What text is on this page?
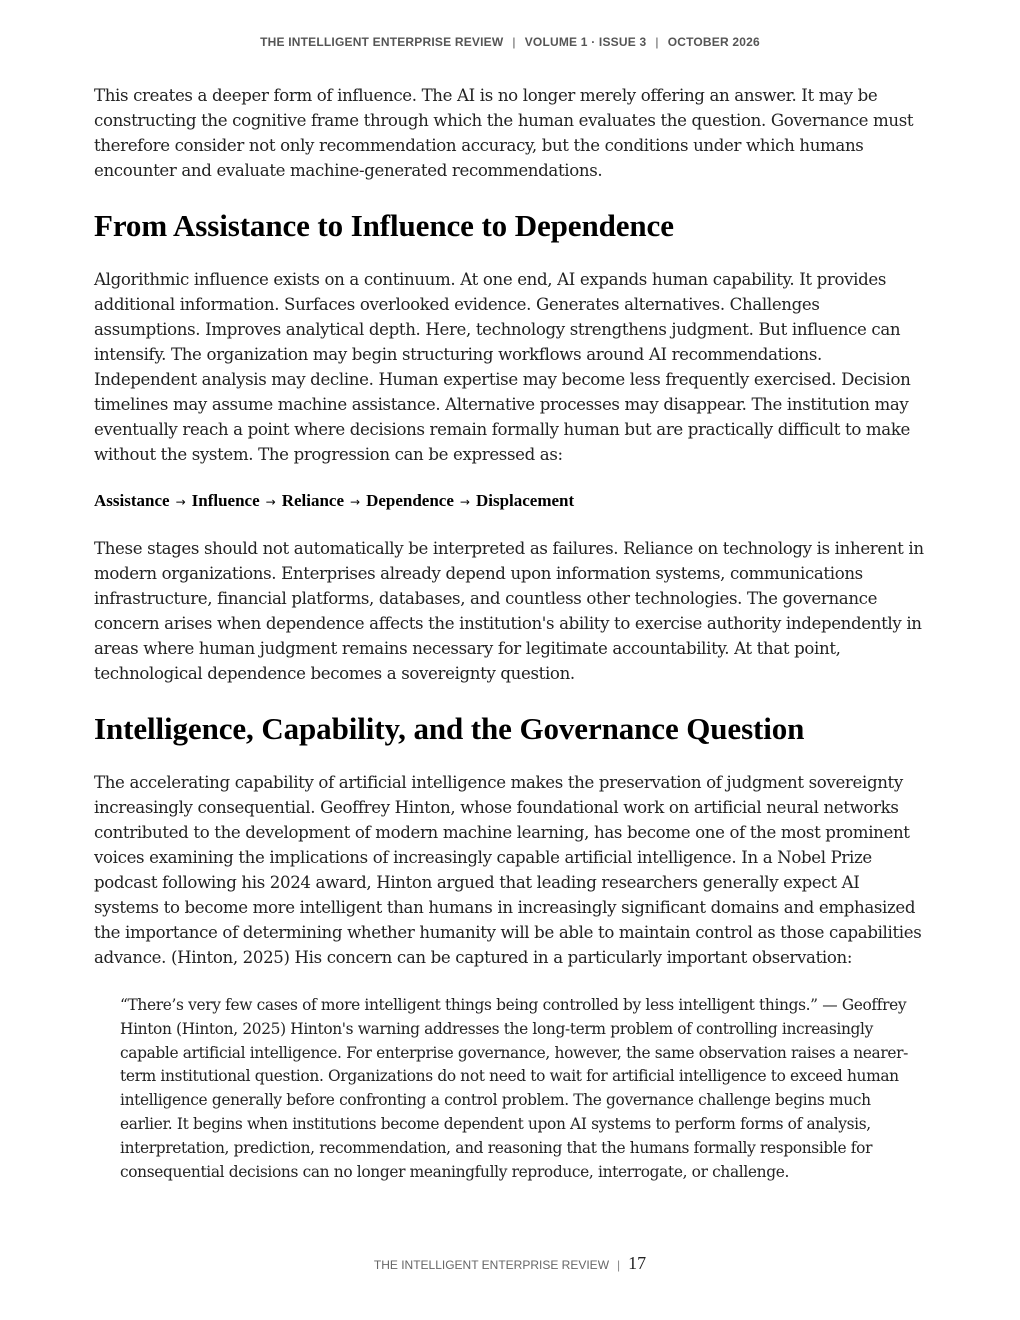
THE INTELLIGENT ENTERPRISE REVIEW | VOLUME 1 · ISSUE 3 | OCTOBER 2026

This creates a deeper form of influence. The AI is no longer merely offering an answer. It may be constructing the cognitive frame through which the human evaluates the question. Governance must therefore consider not only recommendation accuracy, but the conditions under which humans encounter and evaluate machine-generated recommendations.

From Assistance to Influence to Dependence

Algorithmic influence exists on a continuum. At one end, AI expands human capability. It provides additional information. Surfaces overlooked evidence. Generates alternatives. Challenges assumptions. Improves analytical depth. Here, technology strengthens judgment. But influence can intensify. The organization may begin structuring workflows around AI recommendations. Independent analysis may decline. Human expertise may become less frequently exercised. Decision timelines may assume machine assistance. Alternative processes may disappear. The institution may eventually reach a point where decisions remain formally human but are practically difficult to make without the system. The progression can be expressed as:

Assistance → Influence → Reliance → Dependence → Displacement

These stages should not automatically be interpreted as failures. Reliance on technology is inherent in modern organizations. Enterprises already depend upon information systems, communications infrastructure, financial platforms, databases, and countless other technologies. The governance concern arises when dependence affects the institution's ability to exercise authority independently in areas where human judgment remains necessary for legitimate accountability. At that point, technological dependence becomes a sovereignty question.

Intelligence, Capability, and the Governance Question

The accelerating capability of artificial intelligence makes the preservation of judgment sovereignty increasingly consequential. Geoffrey Hinton, whose foundational work on artificial neural networks contributed to the development of modern machine learning, has become one of the most prominent voices examining the implications of increasingly capable artificial intelligence. In a Nobel Prize podcast following his 2024 award, Hinton argued that leading researchers generally expect AI systems to become more intelligent than humans in increasingly significant domains and emphasized the importance of determining whether humanity will be able to maintain control as those capabilities advance. (Hinton, 2025) His concern can be captured in a particularly important observation:

“There’s very few cases of more intelligent things being controlled by less intelligent things.” — Geoffrey Hinton (Hinton, 2025) Hinton's warning addresses the long-term problem of controlling increasingly capable artificial intelligence. For enterprise governance, however, the same observation raises a nearer-term institutional question. Organizations do not need to wait for artificial intelligence to exceed human intelligence generally before confronting a control problem. The governance challenge begins much earlier. It begins when institutions become dependent upon AI systems to perform forms of analysis, interpretation, prediction, recommendation, and reasoning that the humans formally responsible for consequential decisions can no longer meaningfully reproduce, interrogate, or challenge.
THE INTELLIGENT ENTERPRISE REVIEW | 17
